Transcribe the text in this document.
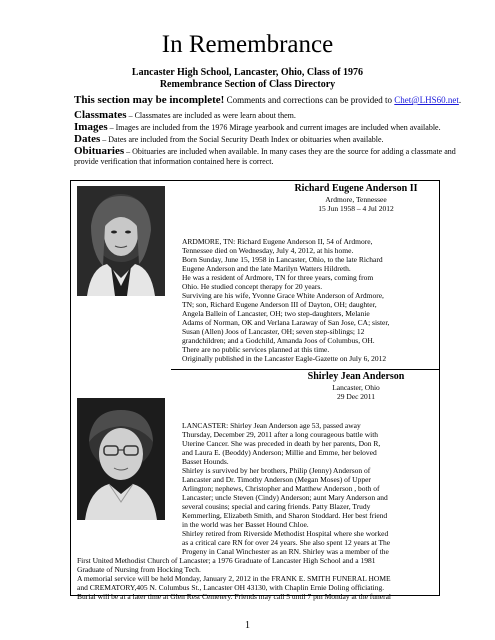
In Remembrance
Lancaster High School, Lancaster, Ohio, Class of 1976
Remembrance Section of Class Directory
This section may be incomplete! Comments and corrections can be provided to Chet@LHS60.net.

Classmates – Classmates are included as were learn about them.

Images – Images are included from the 1976 Mirage yearbook and current images are included when available.

Dates – Dates are included from the Social Security Death Index or obituaries when available.

Obituaries – Obituaries are included when available. In many cases they are the source for adding a classmate and provide verification that information contained here is correct.

Richard Eugene Anderson II
Ardmore, Tennessee
15 Jun 1958 – 4 Jul 2012

ARDMORE, TN: Richard Eugene Anderson II, 54 of Ardmore,

Tennessee died on Wednesday, July 4, 2012, at his home.

Born Sunday, June 15, 1958 in Lancaster, Ohio, to the late Richard

Eugene Anderson and the late Marilyn Watters Hildreth.

He was a resident of Ardmore, TN for three years, coming from

Ohio. He studied concept therapy for 20 years.

Surviving are his wife, Yvonne Grace White Anderson of Ardmore,

TN; son, Richard Eugene Anderson III of Dayton, OH; daughter,

Angela Ballein of Lancaster, OH; two step-daughters, Melanie

Adams of Norman, OK and Verlana Laraway of San Jose, CA; sister,

Susan (Allen) Joos of Lancaster, OH; seven step-siblings; 12

grandchildren; and a Godchild, Amanda Joos of Columbus, OH.

There are no public services planned at this time.

Originally published in the Lancaster Eagle-Gazette on July 6, 2012

Shirley Jean Anderson
Lancaster, Ohio
29 Dec 2011

LANCASTER: Shirley Jean Anderson age 53, passed away

Thursday, December 29, 2011 after a long courageous battle with

Uterine Cancer. She was preceded in death by her parents, Don R,

and Laura E. (Beoddy) Anderson; Millie and Emme, her beloved

Basset Hounds.

Shirley is survived by her brothers, Philip (Jenny) Anderson of

Lancaster and Dr. Timothy Anderson (Megan Moses) of Upper

Arlington; nephews, Christopher and Matthew Anderson , both of

Lancaster; uncle Steven (Cindy) Anderson; aunt Mary Anderson and

several cousins; special and caring friends. Patty Blazer, Trudy

Kemmerling, Elizabeth Smith, and Sharon Stoddard. Her best friend

in the world was her Basset Hound Chloe.

Shirley retired from Riverside Methodist Hospital where she worked

as a critical care RN for over 24 years. She also spent 12 years at The

Progeny in Canal Winchester as an RN. Shirley was a member of the

First United Methodist Church of Lancaster; a 1976 Graduate of Lancaster High School and a 1981

Graduate of Nursing from Hocking Tech.

A memorial service will be held Monday, January 2, 2012 in the FRANK E. SMITH FUNERAL HOME

and CREMATORY,405 N. Columbus St., Lancaster OH 43130, with Chaplin Ernie Doling officiating.

Burial will be at a later time at Glen Rest Cemetery. Friends may call 5 until 7 pm Monday at the funeral

1
